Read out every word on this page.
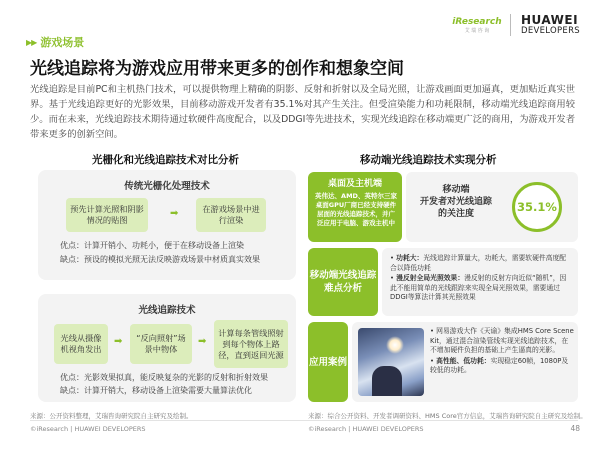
iResearch
艾 瑞 咨 询
HUAWEI
DEVELOPERS
▶▶ 游戏场景
光线追踪将为游戏应用带来更多的创作和想象空间

光线追踪是目前PC和主机热门技术，可以提供物理上精确的阴影、反射和折射以及全局光照，让游戏画面更加逼真，更加贴近真实世界。基于光线追踪更好的光影效果，目前移动游戏开发者有35.1%对其产生关注。但受渲染能力和功耗限制，移动端光线追踪商用较少。而在未来，光线追踪技术期待通过软硬件高度配合，以及DDGI等先进技术，实现光线追踪在移动端更广泛的商用，为游戏开发者带来更多的创新空间。

光栅化和光线追踪技术对比分析	移动端光线追踪技术实现分析
传统光栅化处理技术
预先计算光照和阴影情况的贴图
➡	在游戏场景中进行渲染
优点：计算开销小、功耗小，便于在移动设备上渲染
缺点：预设的模拟光照无法反映游戏场景中材质真实效果
光线追踪技术
光线从摄像机视角发出
➡	“反向照射”场景中物体
➡
计算每条管线照射到每个物体上路径，直到返回光源
优点：光影效果拟真，能反映复杂的光影的反射和折射效果
缺点：计算开销大，移动设备上渲染需要大量算法优化
桌面及主机端
英伟达、AMD、英特尔三家桌面GPU厂商已经支持硬件层面的光线追踪技术，并广泛应用于电脑、游戏主机中
移动端
开发者对光线追踪的关注度	35.1%
移动端光线追踪难点分析

• 功耗大：光线追踪计算量大，功耗大，需要软硬件高度配合以降低功耗

• 漫反射全局光照效果：漫反射的反射方向近似“随机”，因此不能用简单的光线跟踪来实现全局光照效果，需要通过DDGI等算法计算其光照效果

应用案例

• 网易游戏大作《天谕》集成HMS Core Scene Kit，通过混合渲染管线实现光线追踪技术，在不增加硬件负担的基础上产生逼真的光影。

• 高性能、低功耗：实现稳定60帧，1080P及较低的功耗。

来源：公开资料整理，艾瑞咨询研究院自主研究及绘制。	来源：综合公开资料、开发者调研资料、HMS Core官方信息，艾瑞咨询研究院自主研究及绘制。
©iResearch | HUAWEI DEVELOPERS	©iResearch | HUAWEI DEVELOPERS	48
